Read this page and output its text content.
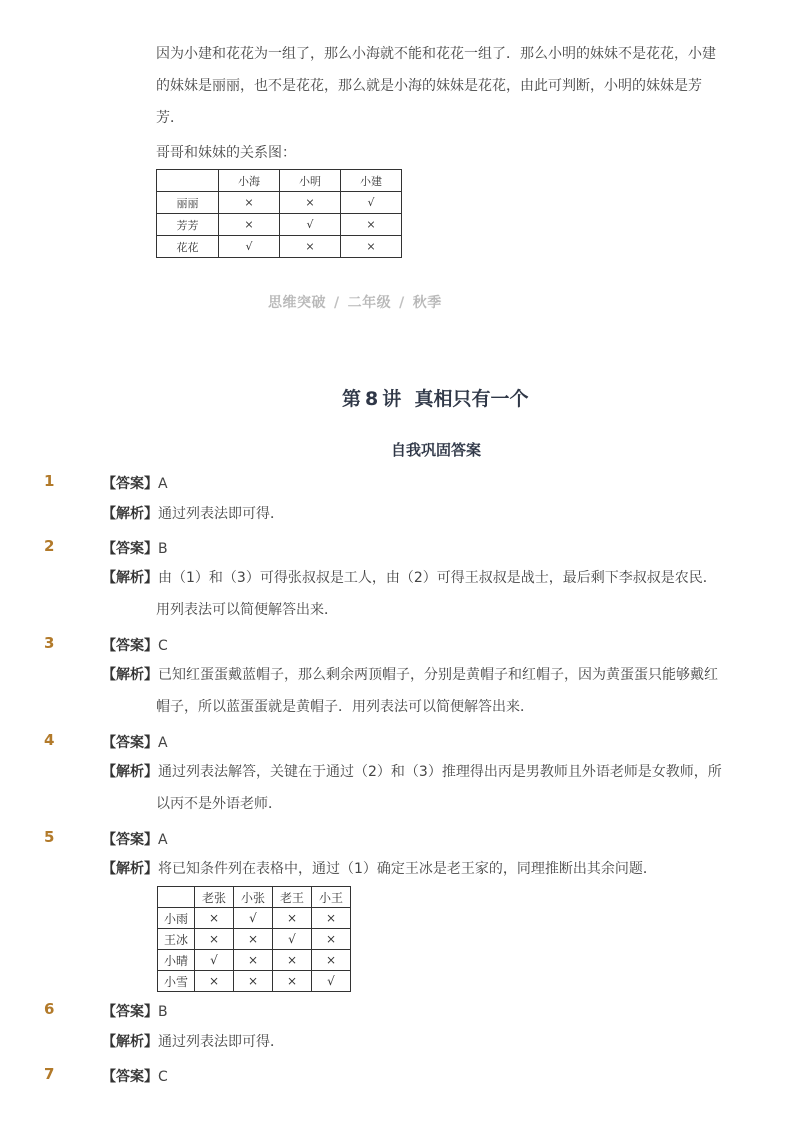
因为小建和花花为一组了，那么小海就不能和花花一组了．那么小明的妹妹不是花花，小建的妹妹是丽丽，也不是花花，那么就是小海的妹妹是花花，由此可判断，小明的妹妹是芳芳．
哥哥和妹妹的关系图：
	小海	小明	小建
丽丽	×	×	√
芳芳	×	√	×
花花	√	×	×
思维突破 / 二年级 / 秋季
第 8 讲 真相只有一个
自我巩固答案
1	【答案】A
【解析】通过列表法即可得．
2	【答案】B
【解析】由（1）和（3）可得张叔叔是工人，由（2）可得王叔叔是战士，最后剩下李叔叔是农民．用列表法可以简便解答出来．
3	【答案】C
【解析】已知红蛋蛋戴蓝帽子，那么剩余两顶帽子，分别是黄帽子和红帽子，因为黄蛋蛋只能够戴红帽子，所以蓝蛋蛋就是黄帽子．用列表法可以简便解答出来．
4	【答案】A
【解析】通过列表法解答，关键在于通过（2）和（3）推理得出丙是男教师且外语老师是女教师，所以丙不是外语老师．
5	【答案】A
【解析】将已知条件列在表格中，通过（1）确定王冰是老王家的，同理推断出其余问题．
	老张	小张	老王	小王
小雨	×	√	×	×
王冰	×	×	√	×
小晴	√	×	×	×
小雪	×	×	×	√
6	【答案】B
【解析】通过列表法即可得．
7	【答案】C
